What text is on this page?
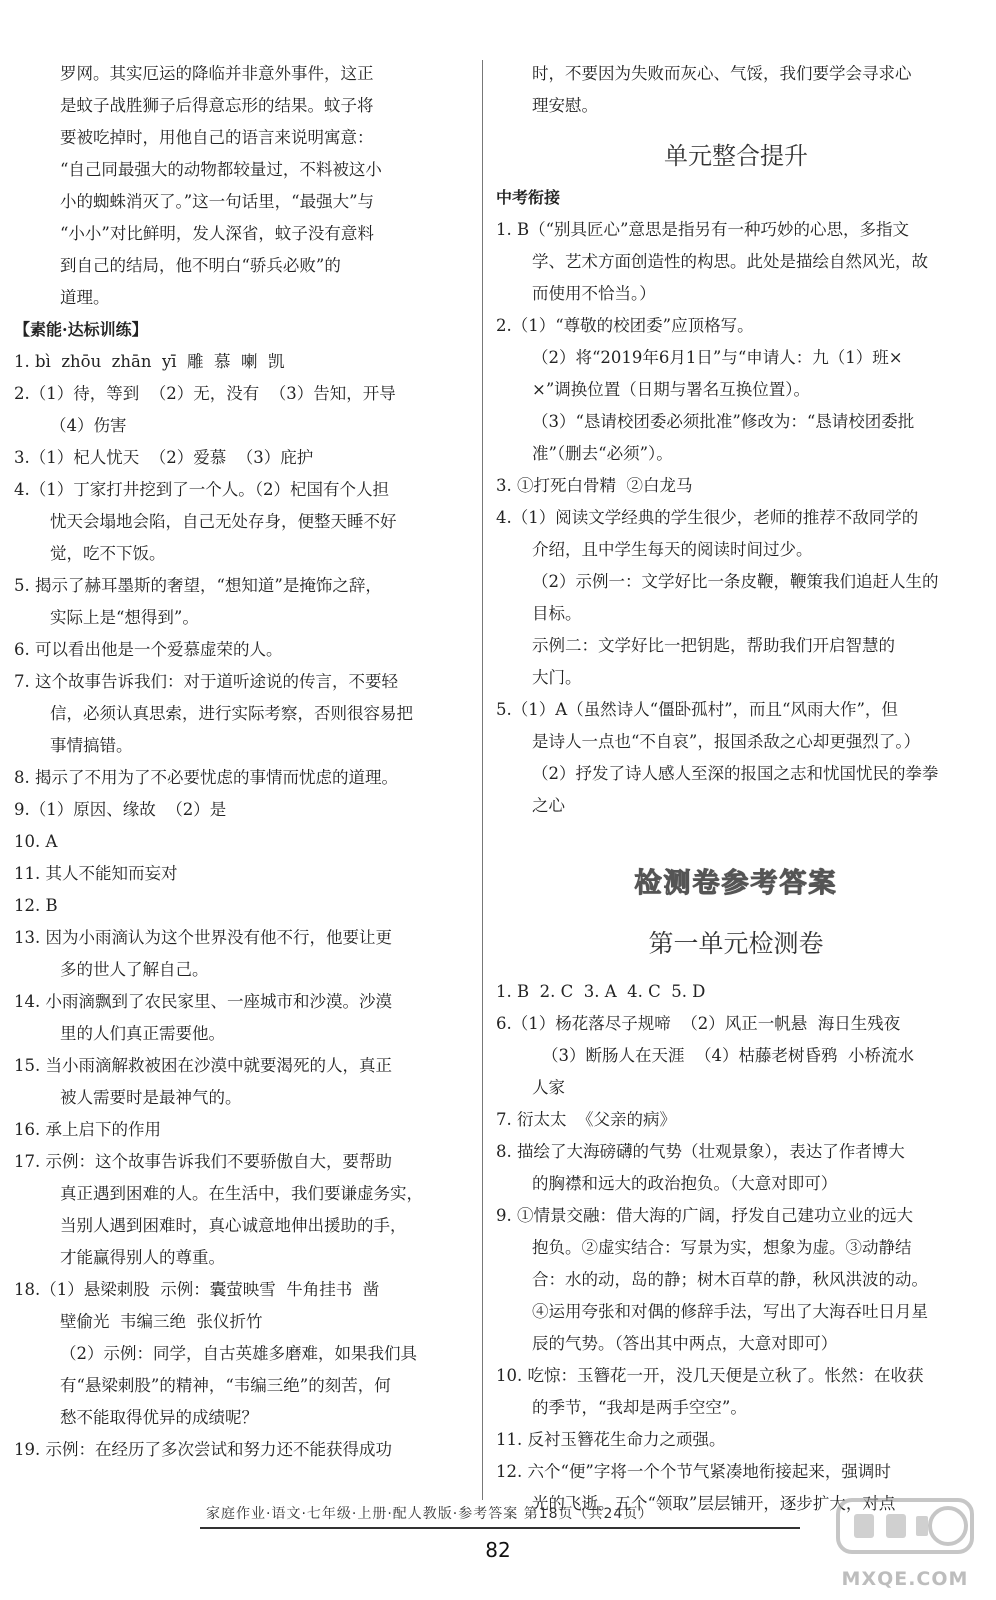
罗网。其实厄运的降临并非意外事件，这正

是蚊子战胜狮子后得意忘形的结果。蚊子将

要被吃掉时，用他自己的语言来说明寓意：

“自己同最强大的动物都较量过，不料被这小

小的蜘蛛消灭了。”这一句话里，“最强大”与

“小小”对比鲜明，发人深省，蚊子没有意料

到自己的结局，他不明白“骄兵必败”的

道理。

【素能·达标训练】

1. bì  zhōu  zhān  yī  雕  慕  喇  凯

2.（1）待，等到  （2）无，没有  （3）告知，开导

（4）伤害

3.（1）杞人忧天  （2）爱慕  （3）庇护

4.（1）丁家打井挖到了一个人。（2）杞国有个人担

忧天会塌地会陷，自己无处存身，便整天睡不好

觉，吃不下饭。

5. 揭示了赫耳墨斯的奢望，“想知道”是掩饰之辞，

实际上是“想得到”。

6. 可以看出他是一个爱慕虚荣的人。

7. 这个故事告诉我们：对于道听途说的传言，不要轻

信，必须认真思索，进行实际考察，否则很容易把

事情搞错。

8. 揭示了不用为了不必要忧虑的事情而忧虑的道理。

9.（1）原因、缘故  （2）是

10. A

11. 其人不能知而妄对

12. B

13. 因为小雨滴认为这个世界没有他不行，他要让更

多的世人了解自己。

14. 小雨滴飘到了农民家里、一座城市和沙漠。沙漠

里的人们真正需要他。

15. 当小雨滴解救被困在沙漠中就要渴死的人，真正

被人需要时是最神气的。

16. 承上启下的作用

17. 示例：这个故事告诉我们不要骄傲自大，要帮助

真正遇到困难的人。在生活中，我们要谦虚务实，

当别人遇到困难时，真心诚意地伸出援助的手，

才能赢得别人的尊重。

18.（1）悬梁刺股  示例：囊萤映雪  牛角挂书  凿

壁偷光  韦编三绝  张仪折竹

（2）示例：同学，自古英雄多磨难，如果我们具

有“悬梁刺股”的精神，“韦编三绝”的刻苦，何

愁不能取得优异的成绩呢？

19. 示例：在经历了多次尝试和努力还不能获得成功

时，不要因为失败而灰心、气馁，我们要学会寻求心

理安慰。

单元整合提升

中考衔接

1. B（“别具匠心”意思是指另有一种巧妙的心思，多指文

学、艺术方面创造性的构思。此处是描绘自然风光，故

而使用不恰当。）

2.（1）“尊敬的校团委”应顶格写。

（2）将“2019年6月1日”与“申请人：九（1）班×

×”调换位置（日期与署名互换位置）。

（3）“恳请校团委必须批准”修改为：“恳请校团委批

准”（删去“必须”）。

3. ①打死白骨精  ②白龙马

4.（1）阅读文学经典的学生很少，老师的推荐不敌同学的

介绍，且中学生每天的阅读时间过少。

（2）示例一：文学好比一条皮鞭，鞭策我们追赶人生的

目标。

示例二：文学好比一把钥匙，帮助我们开启智慧的

大门。

5.（1）A（虽然诗人“僵卧孤村”，而且“风雨大作”，但

是诗人一点也“不自哀”，报国杀敌之心却更强烈了。）

（2）抒发了诗人感人至深的报国之志和忧国忧民的拳拳

之心

检测卷参考答案
第一单元检测卷

1. B  2. C  3. A  4. C  5. D

6.（1）杨花落尽子规啼  （2）风正一帆悬  海日生残夜

（3）断肠人在天涯  （4）枯藤老树昏鸦  小桥流水

人家

7. 衍太太  《父亲的病》

8. 描绘了大海磅礴的气势（壮观景象），表达了作者博大

的胸襟和远大的政治抱负。（大意对即可）

9. ①情景交融：借大海的广阔，抒发自己建功立业的远大

抱负。②虚实结合：写景为实，想象为虚。③动静结

合：水的动，岛的静；树木百草的静，秋风洪波的动。

④运用夸张和对偶的修辞手法，写出了大海吞吐日月星

辰的气势。（答出其中两点，大意对即可）

10. 吃惊：玉簪花一开，没几天便是立秋了。怅然：在收获

的季节，“我却是两手空空”。

11. 反衬玉簪花生命力之顽强。

12. 六个“便”字将一个个节气紧凑地衔接起来，强调时

光的飞逝。五个“领取”层层铺开，逐步扩大，对点

家庭作业·语文·七年级·上册·配人教版·参考答案 第18页（共24页）
82
MXQE.COM
